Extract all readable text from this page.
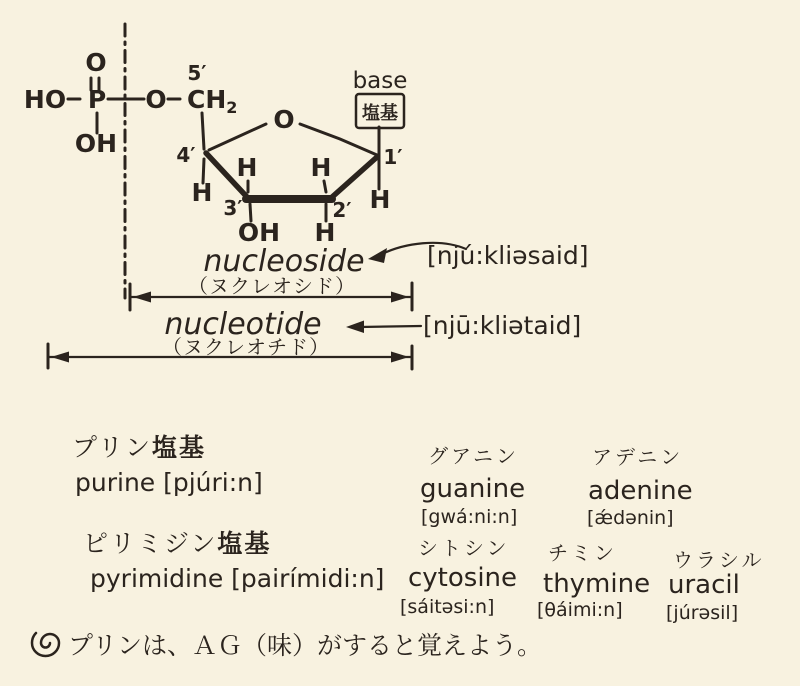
O
HO P O $CH_2$
5′
OH
O
4′	1′
3′	2′
H
H
OH
H
H
H
base
塩基
nucleoside
（ヌクレオシド）
[njú:kliəsaid]
nucleotide
（ヌクレオチド）
[njū:kliətaid]
プリン塩基
purine [pjúri:n]
ピリミジン塩基
pyrimidine [pairímidi:n]
グアニン
guanine
[gwá:ni:n]
アデニン
adenine
[ǽdənin]
シトシン
cytosine
[sáitəsi:n]
チミン
thymine
[θáimi:n]
ウラシル
uracil
[júrəsil]
プリンは、ＡＧ（味）がすると覚えよう。
